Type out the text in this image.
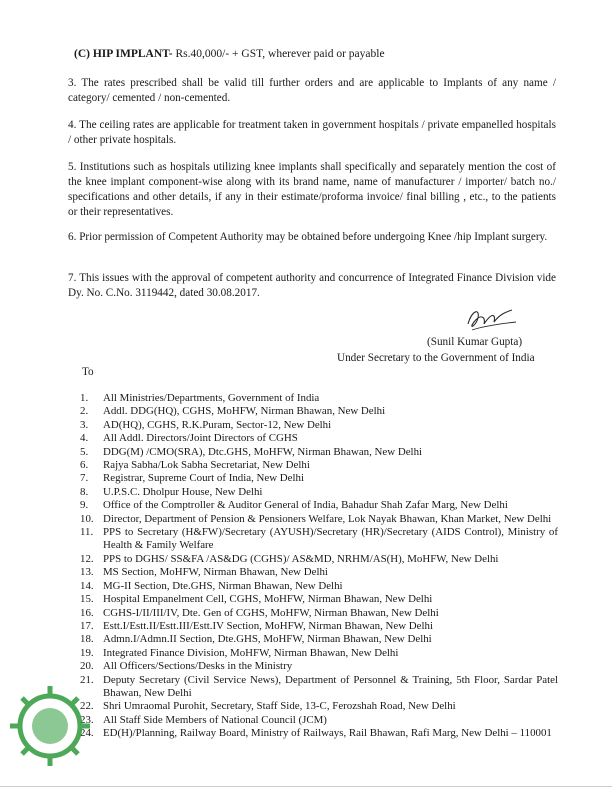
(C) HIP IMPLANT- Rs.40,000/- + GST, wherever paid or payable
3. The rates prescribed shall be valid till further orders and are applicable to Implants of any name / category/ cemented / non-cemented.
4. The ceiling rates are applicable for treatment taken in government hospitals / private empanelled hospitals / other private hospitals.
5. Institutions such as hospitals utilizing knee implants shall specifically and separately mention the cost of the knee implant component-wise along with its brand name, name of manufacturer / importer/ batch no./ specifications and other details, if any in their estimate/proforma invoice/ final billing , etc., to the patients or their representatives.
6. Prior permission of Competent Authority may be obtained before undergoing Knee /hip Implant surgery.
7. This issues with the approval of competent authority and concurrence of Integrated Finance Division vide Dy. No. C.No. 3119442, dated 30.08.2017.
(Sunil Kumar Gupta)
Under Secretary to the Government of India
To
1. All Ministries/Departments, Government of India
2. Addl. DDG(HQ), CGHS, MoHFW, Nirman Bhawan, New Delhi
3. AD(HQ), CGHS, R.K.Puram, Sector-12, New Delhi
4. All Addl. Directors/Joint Directors of CGHS
5. DDG(M) /CMO(SRA), Dtc.GHS, MoHFW, Nirman Bhawan, New Delhi
6. Rajya Sabha/Lok Sabha Secretariat, New Delhi
7. Registrar, Supreme Court of India, New Delhi
8. U.P.S.C. Dholpur House, New Delhi
9. Office of the Comptroller & Auditor General of India, Bahadur Shah Zafar Marg, New Delhi
10. Director, Department of Pension & Pensioners Welfare, Lok Nayak Bhawan, Khan Market, New Delhi
11. PPS to Secretary (H&FW)/Secretary (AYUSH)/Secretary (HR)/Secretary (AIDS Control), Ministry of Health & Family Welfare
12. PPS to DGHS/ SS&FA /AS&DG (CGHS)/ AS&MD, NRHM/AS(H), MoHFW, New Delhi
13. MS Section, MoHFW, Nirman Bhawan, New Delhi
14. MG-II Section, Dte.GHS, Nirman Bhawan, New Delhi
15. Hospital Empanelment Cell, CGHS, MoHFW, Nirman Bhawan, New Delhi
16. CGHS-I/II/III/IV, Dte. Gen of CGHS, MoHFW, Nirman Bhawan, New Delhi
17. Estt.I/Estt.II/Estt.III/Estt.IV Section, MoHFW, Nirman Bhawan, New Delhi
18. Admn.I/Admn.II Section, Dte.GHS, MoHFW, Nirman Bhawan, New Delhi
19. Integrated Finance Division, MoHFW, Nirman Bhawan, New Delhi
20. All Officers/Sections/Desks in the Ministry
21. Deputy Secretary (Civil Service News), Department of Personnel & Training, 5th Floor, Sardar Patel Bhawan, New Delhi
22. Shri Umraomal Purohit, Secretary, Staff Side, 13-C, Ferozshah Road, New Delhi
23. All Staff Side Members of National Council (JCM)
24. ED(H)/Planning, Railway Board, Ministry of Railways, Rail Bhawan, Rafi Marg, New Delhi – 110001
